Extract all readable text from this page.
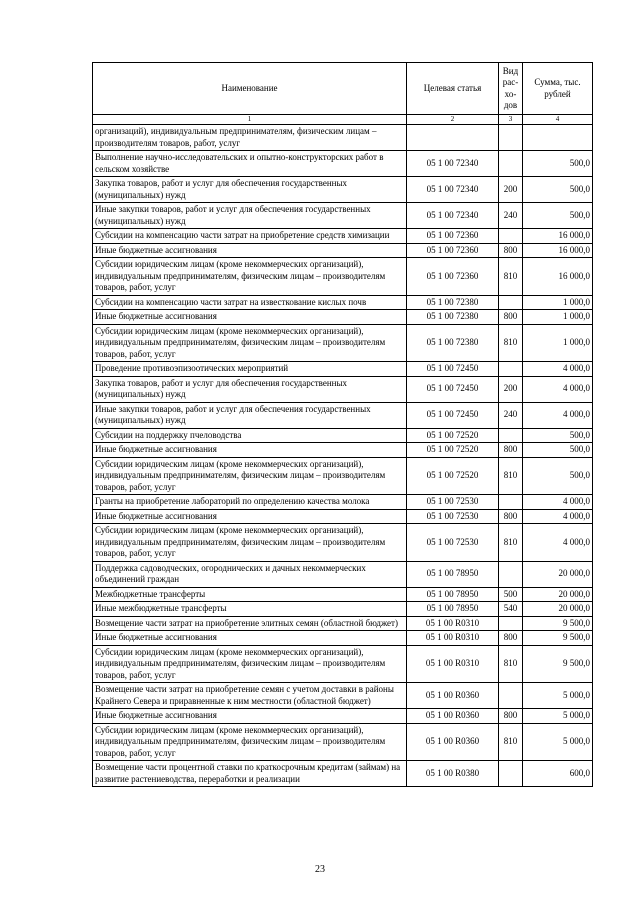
Наименование	Целевая статья	Вид рас-хо-дов	Сумма, тыс. рублей
1	2	3	4
организаций), индивидуальным предпринимателям, физическим лицам – производителям товаров, работ, услуг			
Выполнение научно-исследовательских и опытно-конструкторских работ в сельском хозяйстве	05 1 00 72340		500,0
Закупка товаров, работ и услуг для обеспечения государственных (муниципальных) нужд	05 1 00 72340	200	500,0
Иные закупки товаров, работ и услуг для обеспечения государственных (муниципальных) нужд	05 1 00 72340	240	500,0
Субсидии на компенсацию части затрат на приобретение средств химизации	05 1 00 72360		16 000,0
Иные бюджетные ассигнования	05 1 00 72360	800	16 000,0
Субсидии юридическим лицам (кроме некоммерческих организаций), индивидуальным предпринимателям, физическим лицам – производителям товаров, работ, услуг	05 1 00 72360	810	16 000,0
Субсидии на компенсацию части затрат на известкование кислых почв	05 1 00 72380		1 000,0
Иные бюджетные ассигнования	05 1 00 72380	800	1 000,0
Субсидии юридическим лицам (кроме некоммерческих организаций), индивидуальным предпринимателям, физическим лицам – производителям товаров, работ, услуг	05 1 00 72380	810	1 000,0
Проведение противоэпизоотических мероприятий	05 1 00 72450		4 000,0
Закупка товаров, работ и услуг для обеспечения государственных (муниципальных) нужд	05 1 00 72450	200	4 000,0
Иные закупки товаров, работ и услуг для обеспечения государственных (муниципальных) нужд	05 1 00 72450	240	4 000,0
Субсидии на поддержку пчеловодства	05 1 00 72520		500,0
Иные бюджетные ассигнования	05 1 00 72520	800	500,0
Субсидии юридическим лицам (кроме некоммерческих организаций), индивидуальным предпринимателям, физическим лицам – производителям товаров, работ, услуг	05 1 00 72520	810	500,0
Гранты на приобретение лабораторий по определению качества молока	05 1 00 72530		4 000,0
Иные бюджетные ассигнования	05 1 00 72530	800	4 000,0
Субсидии юридическим лицам (кроме некоммерческих организаций), индивидуальным предпринимателям, физическим лицам – производителям товаров, работ, услуг	05 1 00 72530	810	4 000,0
Поддержка садоводческих, огороднических и дачных некоммерческих объединений граждан	05 1 00 78950		20 000,0
Межбюджетные трансферты	05 1 00 78950	500	20 000,0
Иные межбюджетные трансферты	05 1 00 78950	540	20 000,0
Возмещение части затрат на приобретение элитных семян (областной бюджет)	05 1 00 R0310		9 500,0
Иные бюджетные ассигнования	05 1 00 R0310	800	9 500,0
Субсидии юридическим лицам (кроме некоммерческих организаций), индивидуальным предпринимателям, физическим лицам – производителям товаров, работ, услуг	05 1 00 R0310	810	9 500,0
Возмещение части затрат на приобретение семян с учетом доставки в районы Крайнего Севера и приравненные к ним местности (областной бюджет)	05 1 00 R0360		5 000,0
Иные бюджетные ассигнования	05 1 00 R0360	800	5 000,0
Субсидии юридическим лицам (кроме некоммерческих организаций), индивидуальным предпринимателям, физическим лицам – производителям товаров, работ, услуг	05 1 00 R0360	810	5 000,0
Возмещение части процентной ставки по краткосрочным кредитам (займам) на развитие растениеводства, переработки и реализации	05 1 00 R0380		600,0
23
